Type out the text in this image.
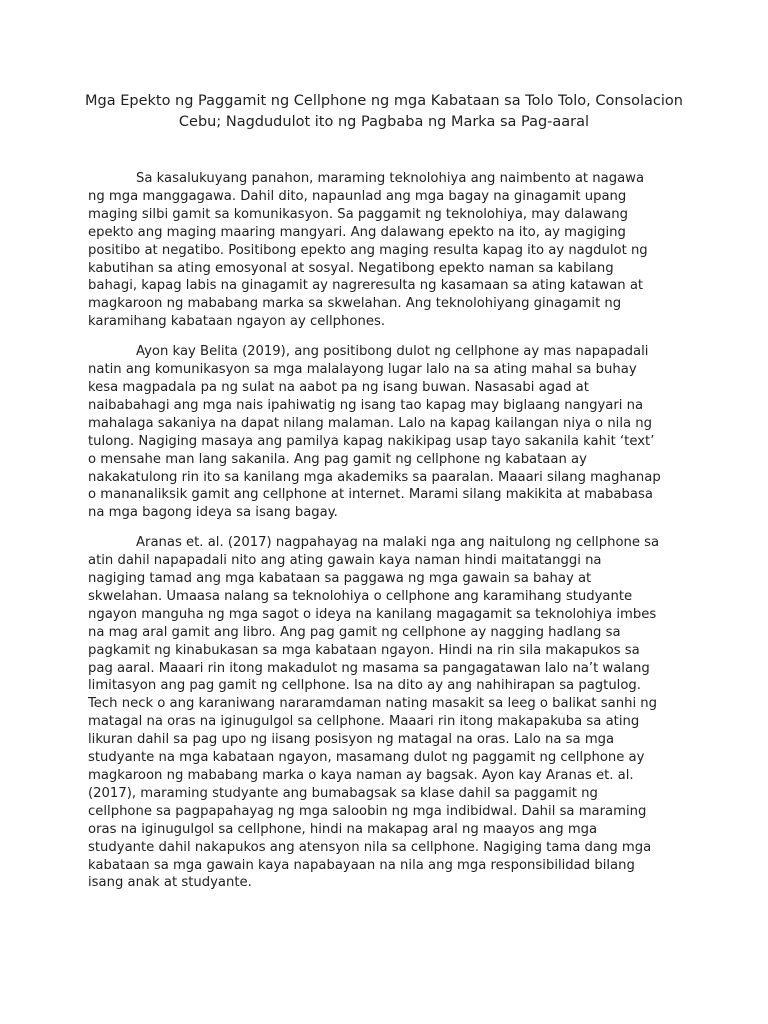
Mga Epekto ng Paggamit ng Cellphone ng mga Kabataan sa Tolo Tolo, Consolacion
Cebu; Nagdudulot ito ng Pagbaba ng Marka sa Pag-aaral

Sa kasalukuyang panahon, maraming teknolohiya ang naimbento at nagawa
ng mga manggagawa. Dahil dito, napaunlad ang mga bagay na ginagamit upang
maging silbi gamit sa komunikasyon. Sa paggamit ng teknolohiya, may dalawang
epekto ang maging maaring mangyari. Ang dalawang epekto na ito, ay magiging
positibo at negatibo. Positibong epekto ang maging resulta kapag ito ay nagdulot ng
kabutihan sa ating emosyonal at sosyal. Negatibong epekto naman sa kabilang
bahagi, kapag labis na ginagamit ay nagreresulta ng kasamaan sa ating katawan at
magkaroon ng mababang marka sa skwelahan. Ang teknolohiyang ginagamit ng
karamihang kabataan ngayon ay cellphones.

Ayon kay Belita (2019), ang positibong dulot ng cellphone ay mas napapadali
natin ang komunikasyon sa mga malalayong lugar lalo na sa ating mahal sa buhay
kesa magpadala pa ng sulat na aabot pa ng isang buwan. Nasasabi agad at
naibabahagi ang mga nais ipahiwatig ng isang tao kapag may biglaang nangyari na
mahalaga sakaniya na dapat nilang malaman. Lalo na kapag kailangan niya o nila ng
tulong. Nagiging masaya ang pamilya kapag nakikipag usap tayo sakanila kahit ‘text’
o mensahe man lang sakanila. Ang pag gamit ng cellphone ng kabataan ay
nakakatulong rin ito sa kanilang mga akademiks sa paaralan. Maaari silang maghanap
o mananaliksik gamit ang cellphone at internet. Marami silang makikita at mababasa
na mga bagong ideya sa isang bagay.

Aranas et. al. (2017) nagpahayag na malaki nga ang naitulong ng cellphone sa
atin dahil napapadali nito ang ating gawain kaya naman hindi maitatanggi na
nagiging tamad ang mga kabataan sa paggawa ng mga gawain sa bahay at
skwelahan. Umaasa nalang sa teknolohiya o cellphone ang karamihang studyante
ngayon manguha ng mga sagot o ideya na kanilang magagamit sa teknolohiya imbes
na mag aral gamit ang libro. Ang pag gamit ng cellphone ay nagging hadlang sa
pagkamit ng kinabukasan sa mga kabataan ngayon. Hindi na rin sila makapukos sa
pag aaral. Maaari rin itong makadulot ng masama sa pangagatawan lalo na’t walang
limitasyon ang pag gamit ng cellphone. Isa na dito ay ang nahihirapan sa pagtulog.
Tech neck o ang karaniwang nararamdaman nating masakit sa leeg o balikat sanhi ng
matagal na oras na iginugulgol sa cellphone. Maaari rin itong makapakuba sa ating
likuran dahil sa pag upo ng iisang posisyon ng matagal na oras. Lalo na sa mga
studyante na mga kabataan ngayon, masamang dulot ng paggamit ng cellphone ay
magkaroon ng mababang marka o kaya naman ay bagsak. Ayon kay Aranas et. al.
(2017), maraming studyante ang bumabagsak sa klase dahil sa paggamit ng
cellphone sa pagpapahayag ng mga saloobin ng mga indibidwal. Dahil sa maraming
oras na iginugulgol sa cellphone, hindi na makapag aral ng maayos ang mga
studyante dahil nakapukos ang atensyon nila sa cellphone. Nagiging tama dang mga
kabataan sa mga gawain kaya napabayaan na nila ang mga responsibilidad bilang
isang anak at studyante.
